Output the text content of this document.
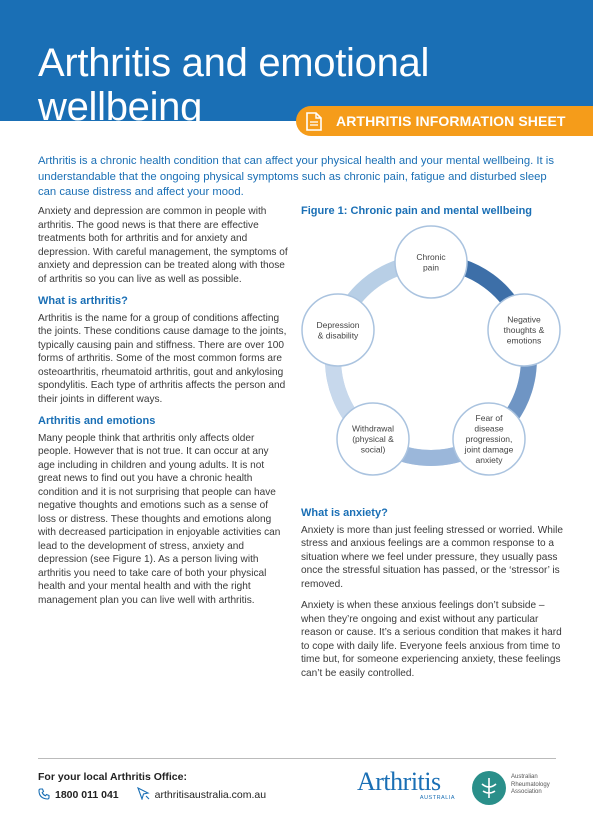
Arthritis and emotional wellbeing	ARTHRITIS INFORMATION SHEET

Arthritis is a chronic health condition that can affect your physical health and your mental wellbeing. It is understandable that the ongoing physical symptoms such as chronic pain, fatigue and disturbed sleep can cause distress and affect your mood.

Anxiety and depression are common in people with arthritis. The good news is that there are effective treatments both for arthritis and for anxiety and depression. With careful management, the symptoms of anxiety and depression can be treated along with those of arthritis so you can live as well as possible.

What is arthritis?

Arthritis is the name for a group of conditions affecting the joints. These conditions cause damage to the joints, typically causing pain and stiffness. There are over 100 forms of arthritis. Some of the most common forms are osteoarthritis, rheumatoid arthritis, gout and ankylosing spondylitis. Each type of arthritis affects the person and their joints in different ways.

Arthritis and emotions

Many people think that arthritis only affects older people. However that is not true. It can occur at any age including in children and young adults. It is not great news to find out you have a chronic health condition and it is not surprising that people can have negative thoughts and emotions such as a sense of loss or distress. These thoughts and emotions along with decreased participation in enjoyable activities can lead to the development of stress, anxiety and depression (see Figure 1). As a person living with arthritis you need to take care of both your physical health and your mental health and with the right management plan you can live well with arthritis.

Figure 1: Chronic pain and mental wellbeing

Chronic
pain
Negative
thoughts &
emotions
Fear of
disease
progression,
joint damage
anxiety
Withdrawal
(physical &
social)
Depression
& disability
What is anxiety?

Anxiety is more than just feeling stressed or worried. While stress and anxious feelings are a common response to a situation where we feel under pressure, they usually pass once the stressful situation has passed, or the ‘stressor’ is removed.

Anxiety is when these anxious feelings don’t subside – when they’re ongoing and exist without any particular reason or cause. It’s a serious condition that makes it hard to cope with daily life. Everyone feels anxious from time to time but, for someone experiencing anxiety, these feelings can’t be easily controlled.

For your local Arthritis Office:
1800 011 041	arthritisaustralia.com.au	Arthritis
AUSTRALIA
Australian Rheumatology Association
